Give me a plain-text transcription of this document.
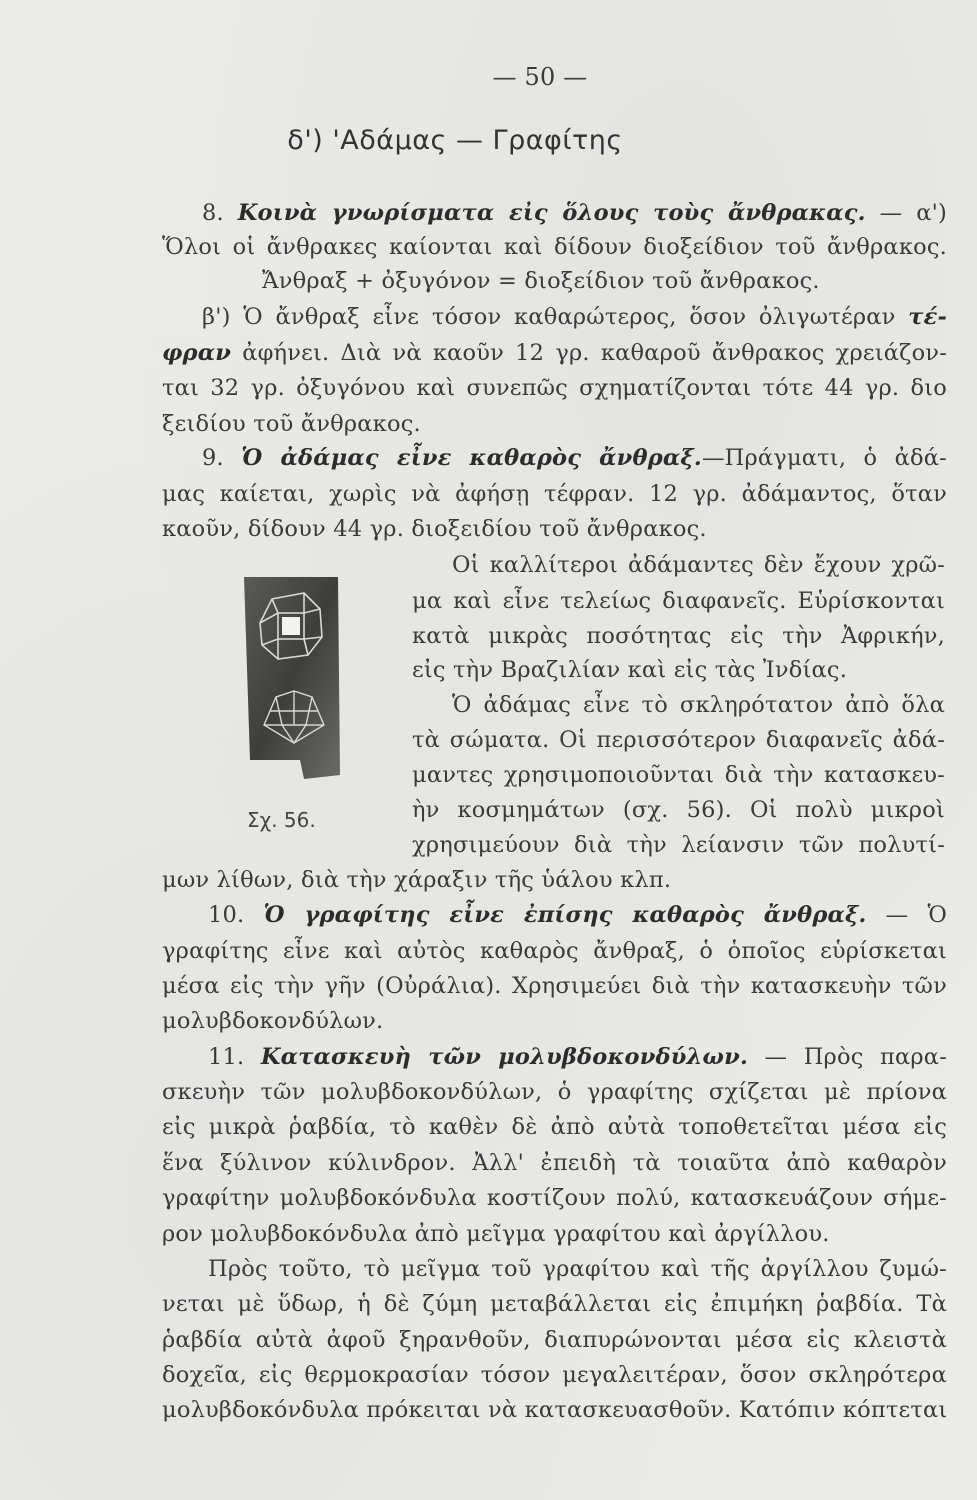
— 50 —
δ') 'Αδάμας — Γραφίτης
8. Κοινὰ γνωρίσματα εἰς ὅλους τοὺς ἄνθρακας. — α')
Ὅλοι οἱ ἄνθρακες καίονται καὶ δίδουν διοξείδιον τοῦ ἄνθρακος.
Ἄνθραξ + ὀξυγόνον = διοξείδιον τοῦ ἄνθρακος.
β') Ὁ ἄνθραξ εἶνε τόσον καθαρώτερος, ὅσον ὀλιγωτέραν τέ-
φραν ἀφήνει. Διὰ νὰ καοῦν 12 γρ. καθαροῦ ἄνθρακος χρειάζον-
ται 32 γρ. ὀξυγόνου καὶ συνεπῶς σχηματίζονται τότε 44 γρ. διο
ξειδίου τοῦ ἄνθρακος.
9. Ὁ ἀδάμας εἶνε καθαρὸς ἄνθραξ.—Πράγματι, ὁ ἀδά-
μας καίεται, χωρὶς νὰ ἀφήσῃ τέφραν. 12 γρ. ἀδάμαντος, ὅταν
καοῦν, δίδουν 44 γρ. διοξειδίου τοῦ ἄνθρακος.
Σχ. 56.
Οἱ καλλίτεροι ἀδάμαντες δὲν ἔχουν χρῶ-
μα καὶ εἶνε τελείως διαφανεῖς. Εὑρίσκονται
κατὰ μικρὰς ποσότητας εἰς τὴν Ἀφρικήν,
εἰς τὴν Βραζιλίαν καὶ εἰς τὰς Ἰνδίας.
Ὁ ἀδάμας εἶνε τὸ σκληρότατον ἀπὸ ὅλα
τὰ σώματα. Οἱ περισσότερον διαφανεῖς ἀδά-
μαντες χρησιμοποιοῦνται διὰ τὴν κατασκευ-
ὴν κοσμημάτων (σχ. 56). Οἱ πολὺ μικροὶ
χρησιμεύουν διὰ τὴν λείανσιν τῶν πολυτί-
μων λίθων, διὰ τὴν χάραξιν τῆς ὑάλου κλπ.
10. Ὁ γραφίτης εἶνε ἐπίσης καθαρὸς ἄνθραξ. — Ὁ
γραφίτης εἶνε καὶ αὐτὸς καθαρὸς ἄνθραξ, ὁ ὁποῖος εὑρίσκεται
μέσα εἰς τὴν γῆν (Οὐράλια). Χρησιμεύει διὰ τὴν κατασκευὴν τῶν
μολυβδοκονδύλων.
11. Κατασκευὴ τῶν μολυβδοκονδύλων. — Πρὸς παρα-
σκευὴν τῶν μολυβδοκονδύλων, ὁ γραφίτης σχίζεται μὲ πρίονα
εἰς μικρὰ ῥαβδία, τὸ καθὲν δὲ ἀπὸ αὐτὰ τοποθετεῖται μέσα εἰς
ἕνα ξύλινον κύλινδρον. Ἀλλ' ἐπειδὴ τὰ τοιαῦτα ἀπὸ καθαρὸν
γραφίτην μολυβδοκόνδυλα κοστίζουν πολύ, κατασκευάζουν σήμε-
ρον μολυβδοκόνδυλα ἀπὸ μεῖγμα γραφίτου καὶ ἀργίλλου.
Πρὸς τοῦτο, τὸ μεῖγμα τοῦ γραφίτου καὶ τῆς ἀργίλλου ζυμώ-
νεται μὲ ὕδωρ, ἡ δὲ ζύμη μεταβάλλεται εἰς ἐπιμήκη ῥαβδία. Τὰ
ῥαβδία αὐτὰ ἀφοῦ ξηρανθοῦν, διαπυρώνονται μέσα εἰς κλειστὰ
δοχεῖα, εἰς θερμοκρασίαν τόσον μεγαλειτέραν, ὅσον σκληρότερα
μολυβδοκόνδυλα πρόκειται νὰ κατασκευασθοῦν. Κατόπιν κόπτεται
